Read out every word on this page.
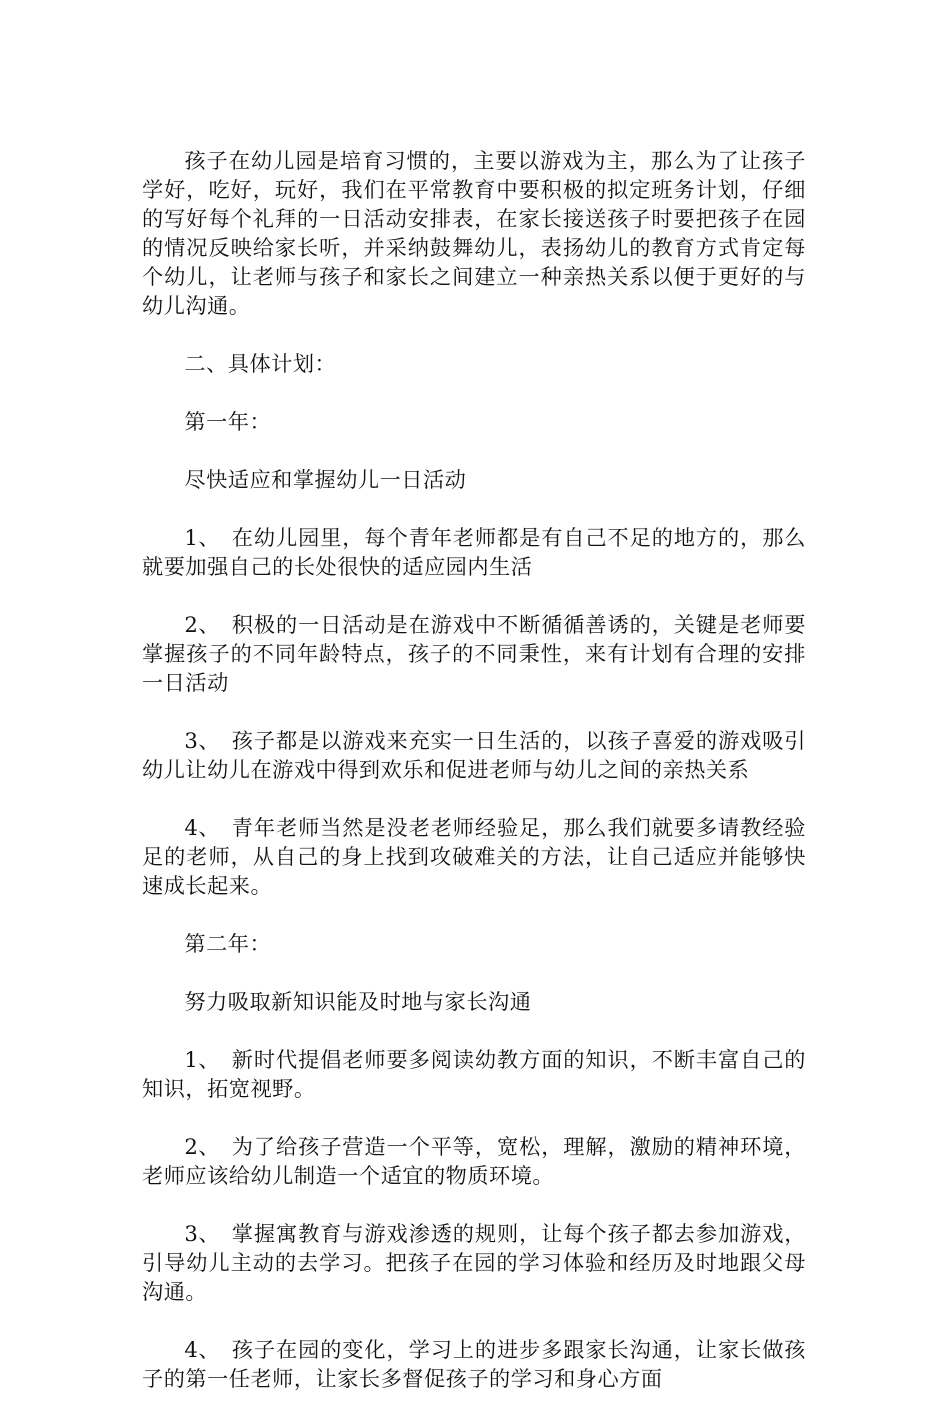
孩子在幼儿园是培育习惯的，主要以游戏为主，那么为了让孩子学好，吃好，玩好，我们在平常教育中要积极的拟定班务计划，仔细的写好每个礼拜的一日活动安排表，在家长接送孩子时要把孩子在园的情况反映给家长听，并采纳鼓舞幼儿，表扬幼儿的教育方式肯定每个幼儿，让老师与孩子和家长之间建立一种亲热关系以便于更好的与幼儿沟通。

二、具体计划：

第一年：

尽快适应和掌握幼儿一日活动

1、 在幼儿园里，每个青年老师都是有自己不足的地方的，那么就要加强自己的长处很快的适应园内生活

2、 积极的一日活动是在游戏中不断循循善诱的，关键是老师要掌握孩子的不同年龄特点，孩子的不同秉性，来有计划有合理的安排一日活动

3、 孩子都是以游戏来充实一日生活的，以孩子喜爱的游戏吸引幼儿让幼儿在游戏中得到欢乐和促进老师与幼儿之间的亲热关系

4、 青年老师当然是没老老师经验足，那么我们就要多请教经验足的老师，从自己的身上找到攻破难关的方法，让自己适应并能够快速成长起来。

第二年：

努力吸取新知识能及时地与家长沟通

1、 新时代提倡老师要多阅读幼教方面的知识，不断丰富自己的知识，拓宽视野。

2、 为了给孩子营造一个平等，宽松，理解，激励的精神环境，老师应该给幼儿制造一个适宜的物质环境。

3、 掌握寓教育与游戏渗透的规则，让每个孩子都去参加游戏，引导幼儿主动的去学习。把孩子在园的学习体验和经历及时地跟父母沟通。

4、 孩子在园的变化，学习上的进步多跟家长沟通，让家长做孩子的第一任老师，让家长多督促孩子的学习和身心方面
